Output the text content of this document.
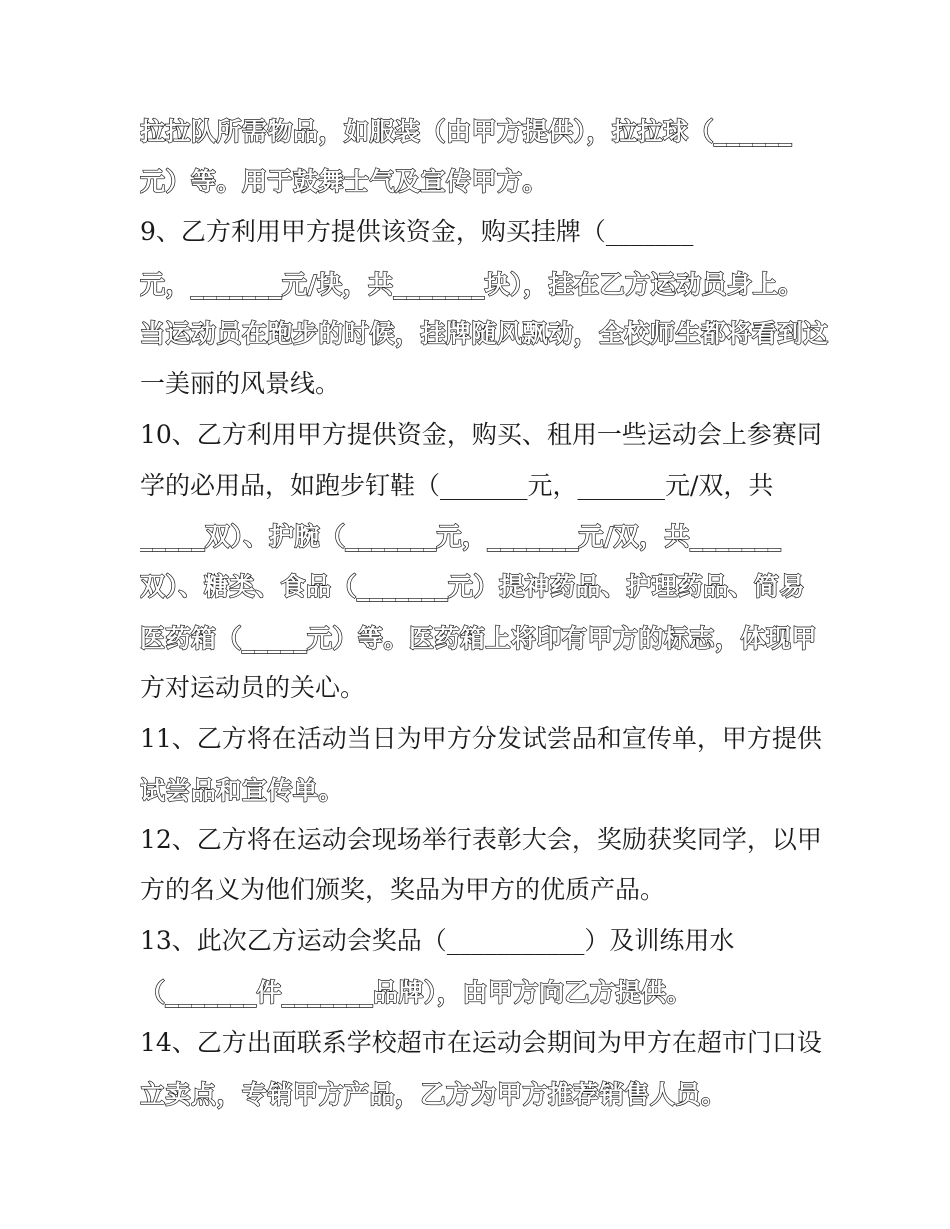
拉拉队所需物品，如服装（由甲方提供），拉拉球（______
元）等。用于鼓舞士气及宣传甲方。
9、乙方利用甲方提供该资金，购买挂牌（_______
元，_______元/块，共_______块），挂在乙方运动员身上。
当运动员在跑步的时候，挂牌随风飘动，全校师生都将看到这
一美丽的风景线。
10、乙方利用甲方提供资金，购买、租用一些运动会上参赛同
学的必用品，如跑步钉鞋（_______元，_______元/双，共
_____双）、护腕（_______元，_______元/双，共_______
双）、糖类、食品（_______元）提神药品、护理药品、简易
医药箱（_____元）等。医药箱上将印有甲方的标志，体现甲
方对运动员的关心。
11、乙方将在活动当日为甲方分发试尝品和宣传单，甲方提供
试尝品和宣传单。
12、乙方将在运动会现场举行表彰大会，奖励获奖同学，以甲
方的名义为他们颁奖，奖品为甲方的优质产品。
13、此次乙方运动会奖品（___________）及训练用水
（_______件_______品牌），由甲方向乙方提供。
14、乙方出面联系学校超市在运动会期间为甲方在超市门口设
立卖点，专销甲方产品，乙方为甲方推荐销售人员。
